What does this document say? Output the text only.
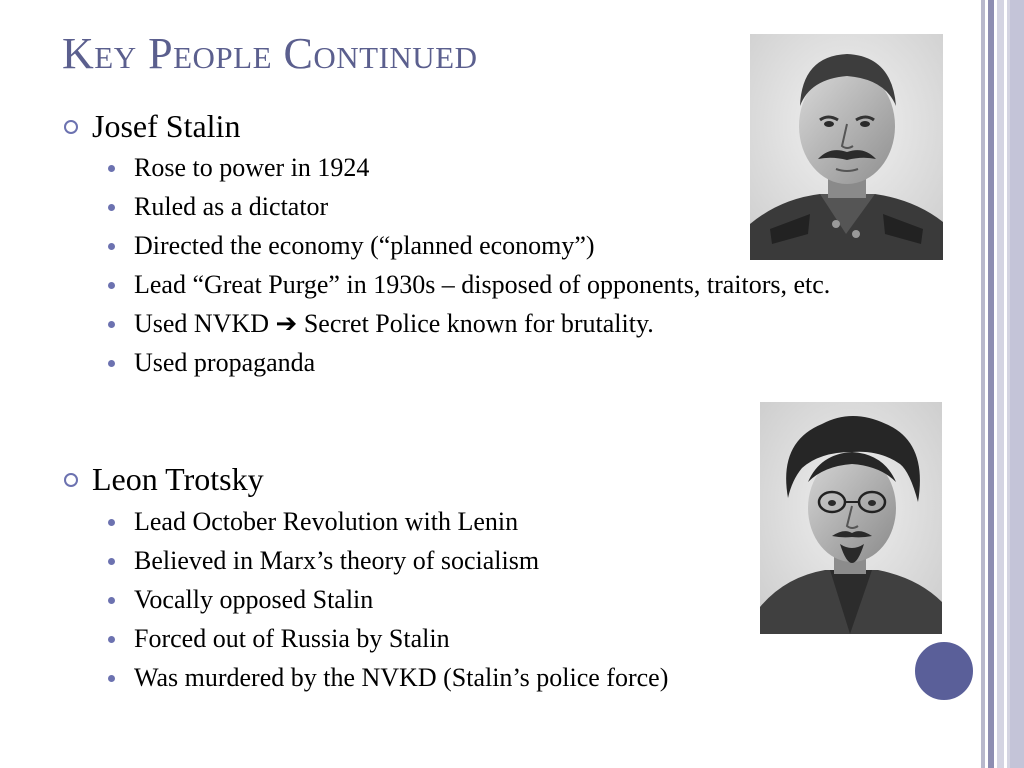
Key People Continued
Josef Stalin
Rose to power in 1924
Ruled as a dictator
Directed the economy (“planned economy”)
Lead “Great Purge” in 1930s – disposed of opponents, traitors, etc.
Used NVKD ➔ Secret Police known for brutality.
Used propaganda
Leon Trotsky
Lead October Revolution with Lenin
Believed in Marx’s theory of socialism
Vocally opposed Stalin
Forced out of Russia by Stalin
Was murdered by the NVKD (Stalin’s police force)
